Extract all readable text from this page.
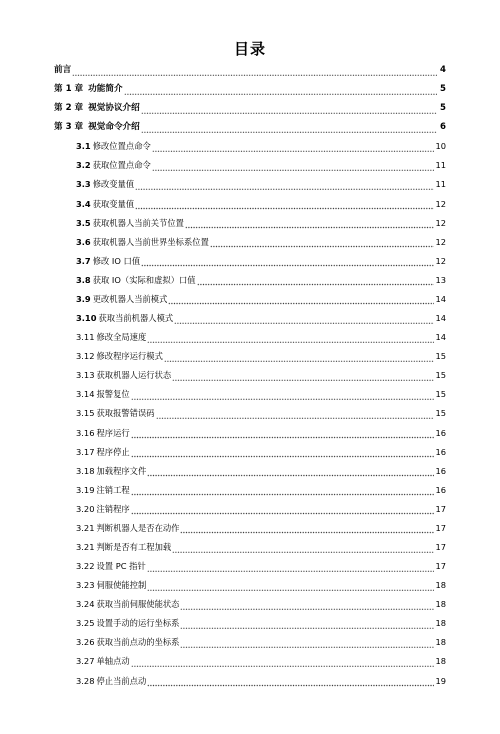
目录
前言	4
第 1 章 功能简介	5
第 2 章 视觉协议介绍	5
第 3 章 视觉命令介绍	6
3.1 修改位置点命令	10
3.2 获取位置点命令	11
3.3 修改变量值	11
3.4 获取变量值	12
3.5 获取机器人当前关节位置	12
3.6 获取机器人当前世界坐标系位置	12
3.7 修改 IO 口值	12
3.8 获取 IO（实际和虚拟）口值	13
3.9 更改机器人当前模式	14
3.10 获取当前机器人模式	14
3.11 修改全局速度	14
3.12 修改程序运行模式	15
3.13 获取机器人运行状态	15
3.14 报警复位	15
3.15 获取报警错误码	15
3.16 程序运行	16
3.17 程序停止	16
3.18 加载程序文件	16
3.19 注销工程	16
3.20 注销程序	17
3.21 判断机器人是否在动作	17
3.21 判断是否有工程加载	17
3.22 设置 PC 指针	17
3.23 伺服使能控制	18
3.24 获取当前伺服使能状态	18
3.25 设置手动的运行坐标系	18
3.26 获取当前点动的坐标系	18
3.27 单轴点动	18
3.28 停止当前点动	19
